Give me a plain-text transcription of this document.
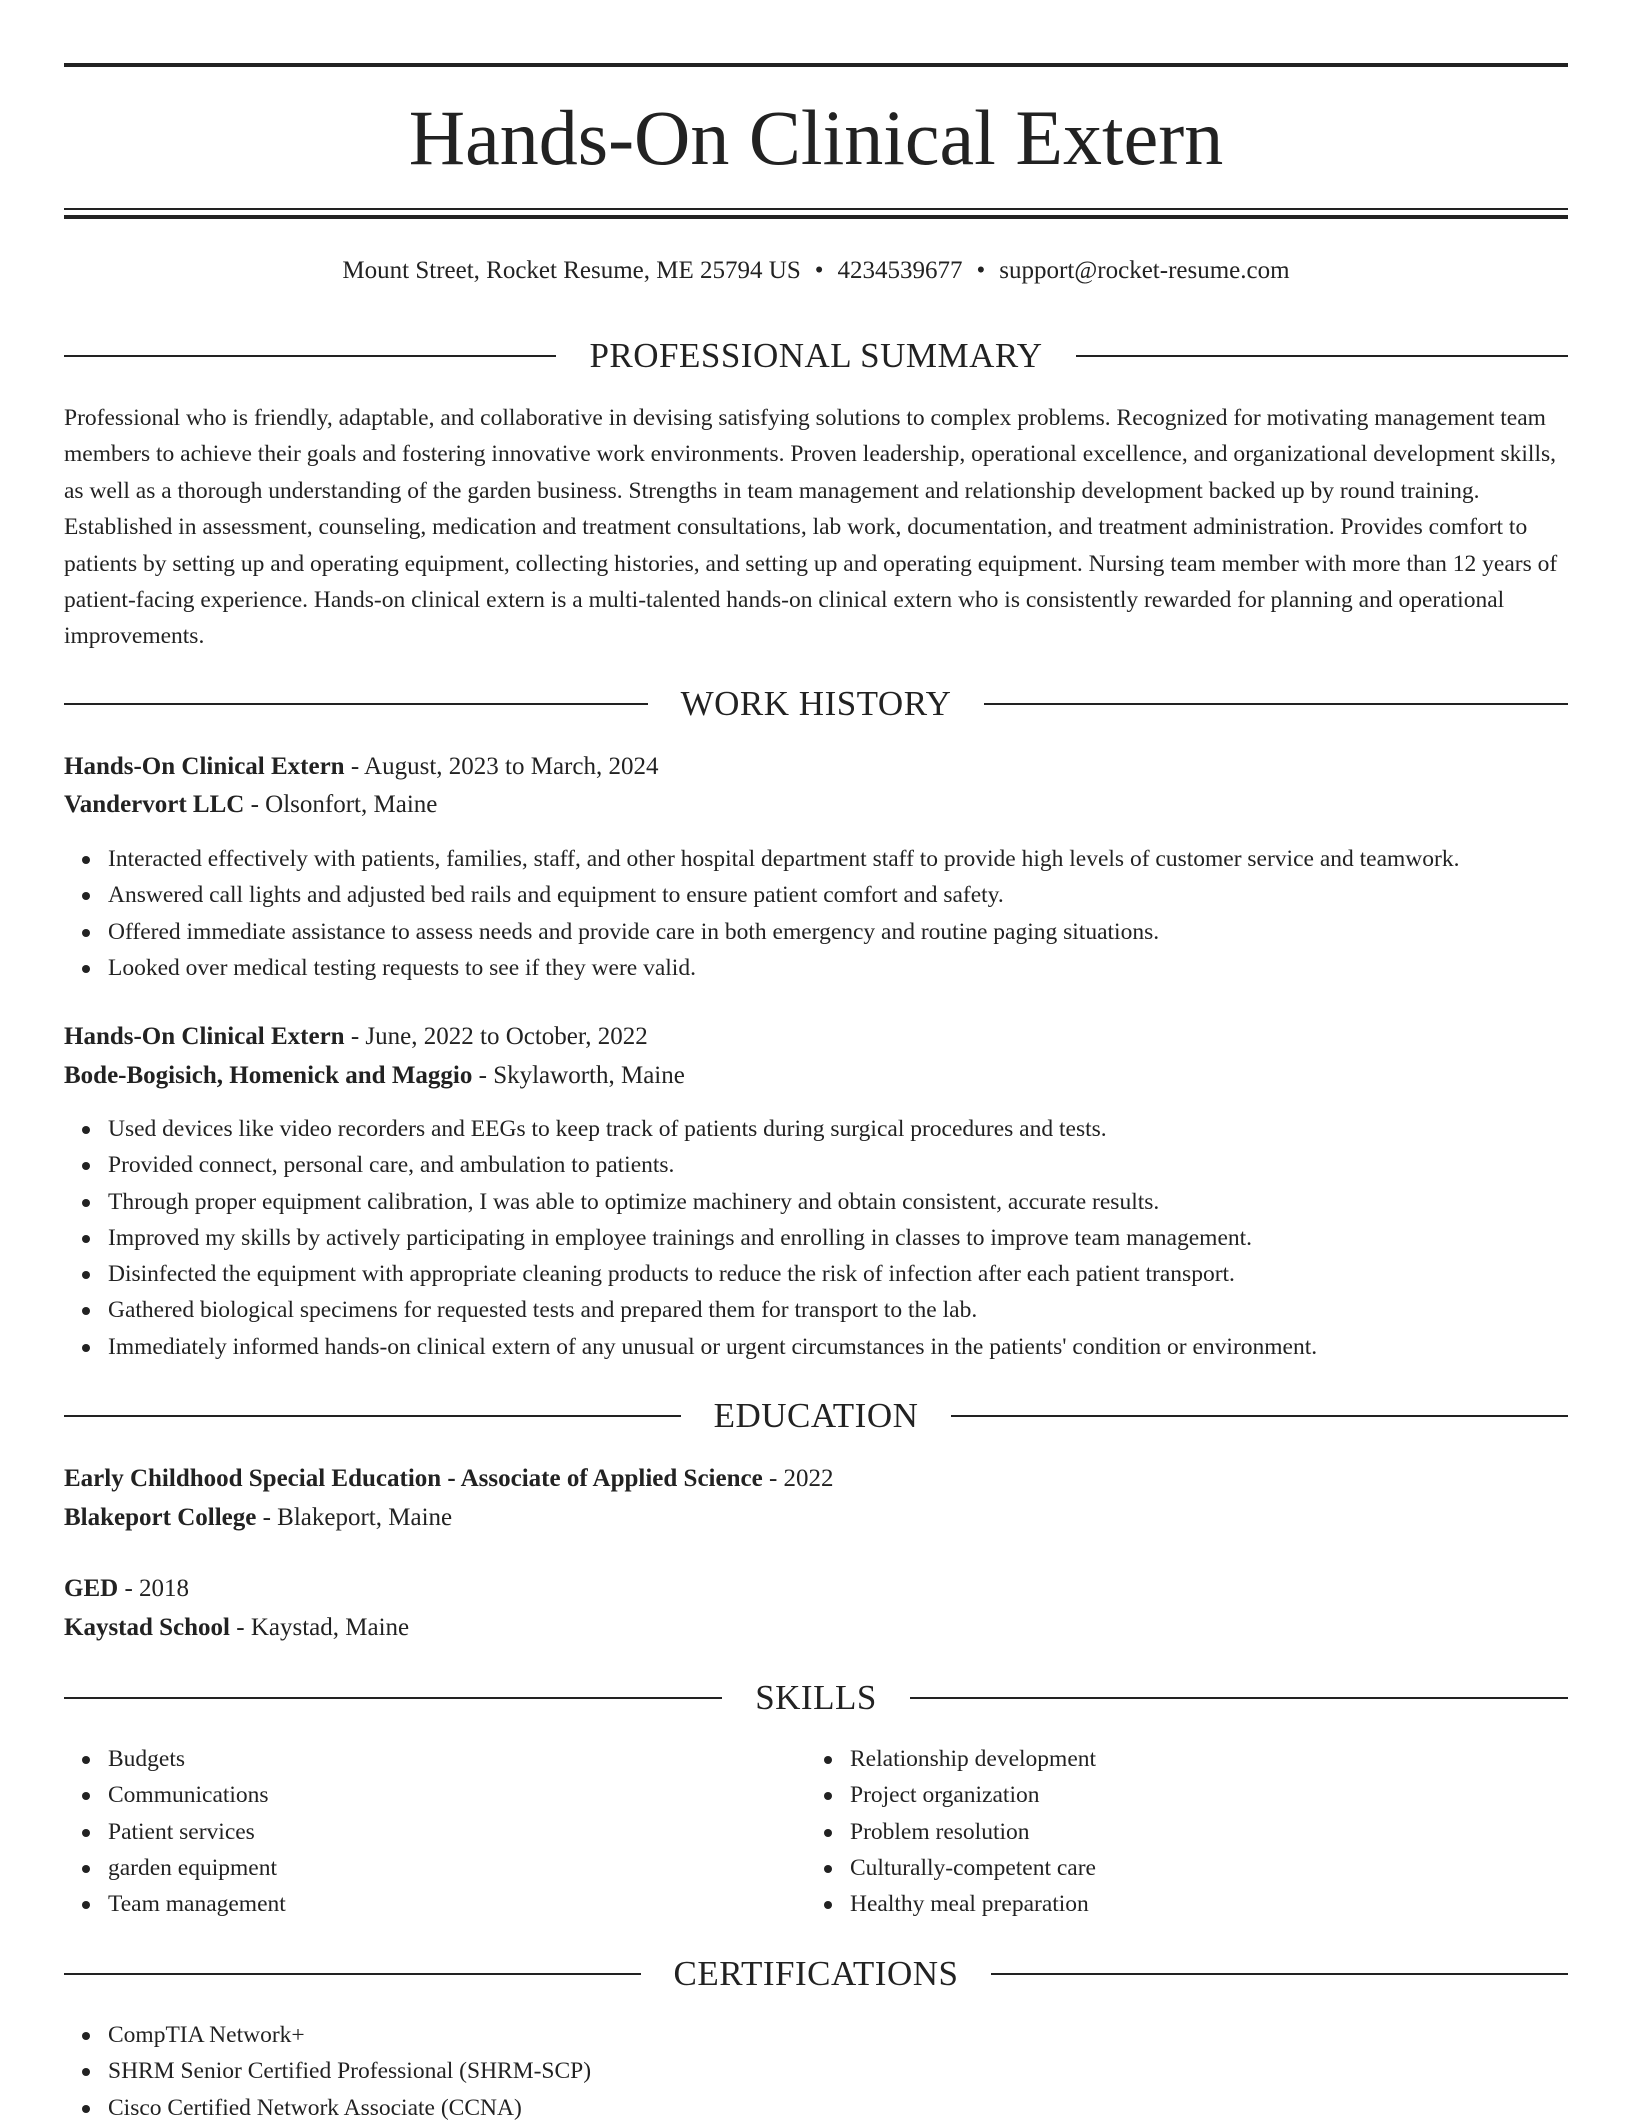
Hands-On Clinical Extern
Mount Street, Rocket Resume, ME 25794 US • 4234539677 • support@rocket-resume.com
PROFESSIONAL SUMMARY

Professional who is friendly, adaptable, and collaborative in devising satisfying solutions to complex problems. Recognized for motivating management team members to achieve their goals and fostering innovative work environments. Proven leadership, operational excellence, and organizational development skills, as well as a thorough understanding of the garden business. Strengths in team management and relationship development backed up by round training. Established in assessment, counseling, medication and treatment consultations, lab work, documentation, and treatment administration. Provides comfort to patients by setting up and operating equipment, collecting histories, and setting up and operating equipment. Nursing team member with more than 12 years of patient-facing experience. Hands-on clinical extern is a multi-talented hands-on clinical extern who is consistently rewarded for planning and operational improvements.

WORK HISTORY
Hands-On Clinical Extern - August, 2023 to March, 2024
Vandervort LLC - Olsonfort, Maine
Interacted effectively with patients, families, staff, and other hospital department staff to provide high levels of customer service and teamwork.
Answered call lights and adjusted bed rails and equipment to ensure patient comfort and safety.
Offered immediate assistance to assess needs and provide care in both emergency and routine paging situations.
Looked over medical testing requests to see if they were valid.
Hands-On Clinical Extern - June, 2022 to October, 2022
Bode-Bogisich, Homenick and Maggio - Skylaworth, Maine
Used devices like video recorders and EEGs to keep track of patients during surgical procedures and tests.
Provided connect, personal care, and ambulation to patients.
Through proper equipment calibration, I was able to optimize machinery and obtain consistent, accurate results.
Improved my skills by actively participating in employee trainings and enrolling in classes to improve team management.
Disinfected the equipment with appropriate cleaning products to reduce the risk of infection after each patient transport.
Gathered biological specimens for requested tests and prepared them for transport to the lab.
Immediately informed hands-on clinical extern of any unusual or urgent circumstances in the patients' condition or environment.
EDUCATION
Early Childhood Special Education - Associate of Applied Science - 2022
Blakeport College - Blakeport, Maine
GED - 2018
Kaystad School - Kaystad, Maine
SKILLS
Budgets
Communications
Patient services
garden equipment
Team management
Relationship development
Project organization
Problem resolution
Culturally-competent care
Healthy meal preparation
CERTIFICATIONS
CompTIA Network+
SHRM Senior Certified Professional (SHRM-SCP)
Cisco Certified Network Associate (CCNA)
